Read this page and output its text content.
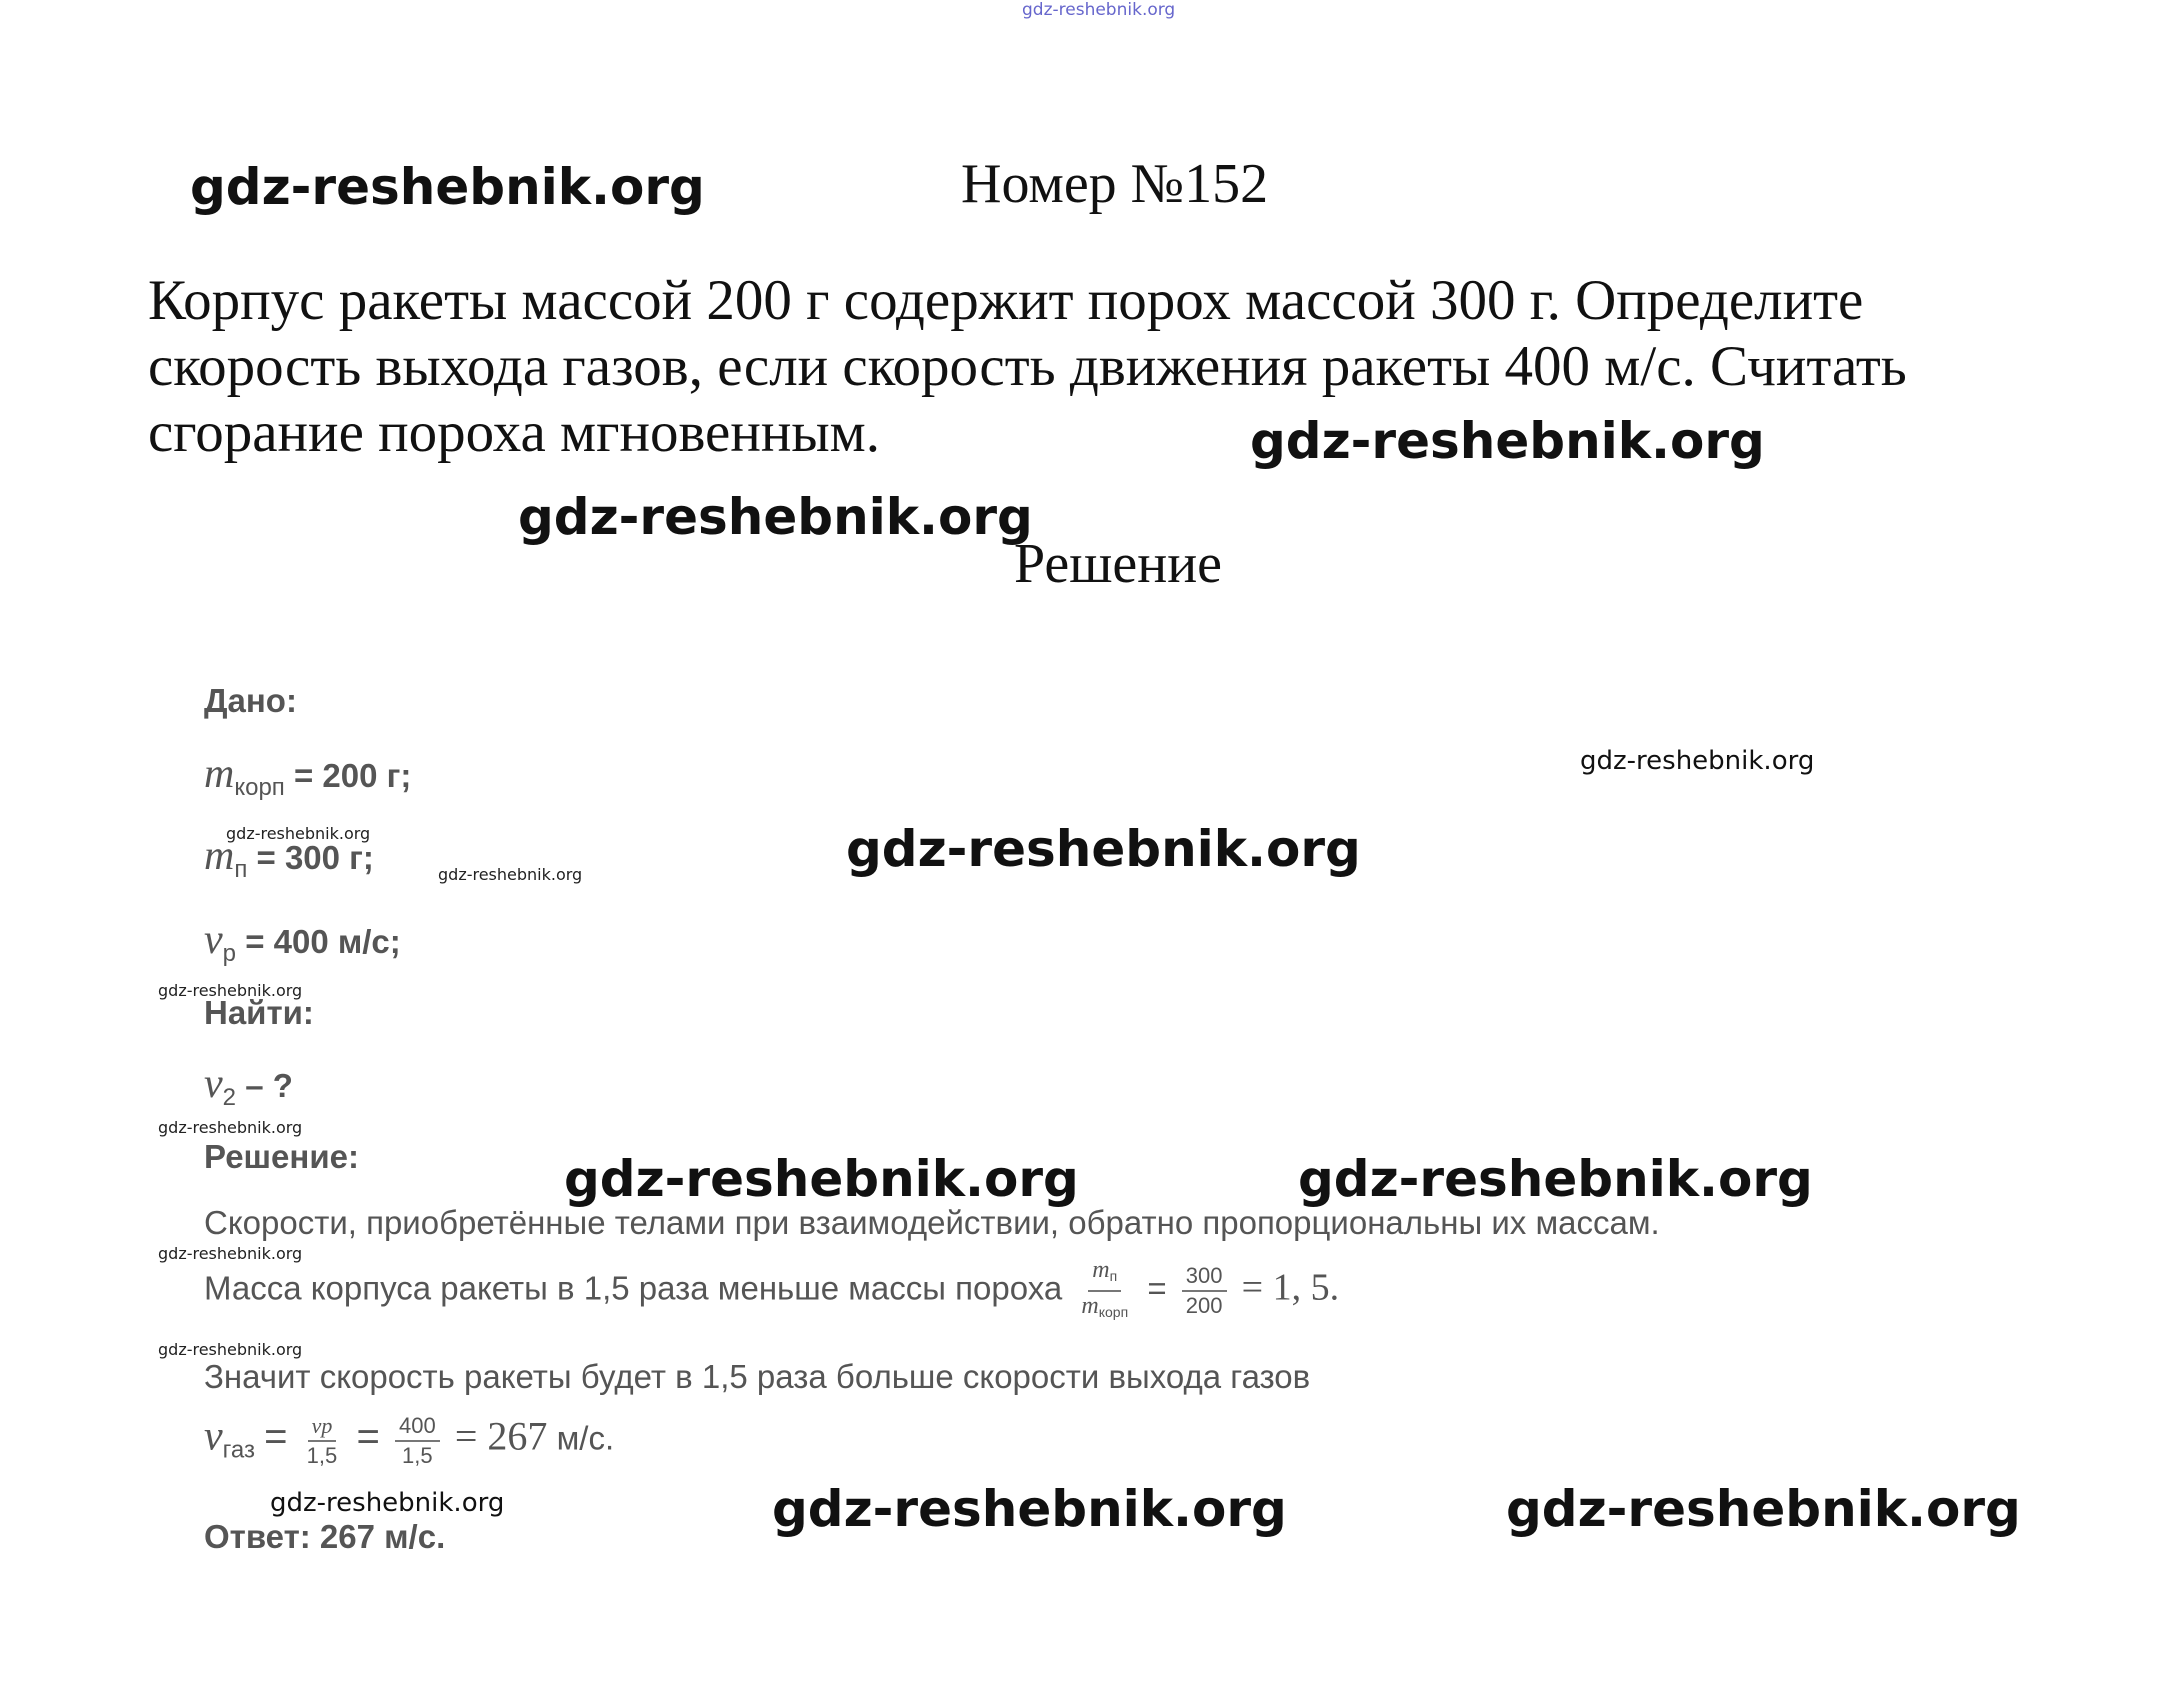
gdz-reshebnik.org
gdz-reshebnik.org	Номер №152
Корпус ракеты массой 200 г содержит порох массой 300 г. Определите скорость выхода газов, если скорость движения ракеты 400 м/с. Считать сгорание пороха мгновенным.	gdz-reshebnik.org
gdz-reshebnik.org
Решение
Дано:
$m_{корп} = 200$ г;
$m_п = 300$ г;
$v_р = 400$ м/с;
Найти:
$v_2$ – ?
Решение:
Скорости, приобретённые телами при взаимодействии, обратно пропорциональны их массам.
Масса корпуса ракеты в 1,5 раза меньше массы пороха $\frac{m_п}{m_{корп}} = \frac{300}{200} = 1$, 5.
Значит скорость ракеты будет в 1,5 раза больше скорости выхода газов
$v_{газ} = \frac{vр}{1,5} = \frac{400}{1,5} = 267$ м/с.
Ответ: 267 м/с.
gdz-reshebnik.org
gdz-reshebnik.org
gdz-reshebnik.org
gdz-reshebnik.org
gdz-reshebnik.org
gdz-reshebnik.org
gdz-reshebnik.org	gdz-reshebnik.org
gdz-reshebnik.org
gdz-reshebnik.org
gdz-reshebnik.org	gdz-reshebnik.org	gdz-reshebnik.org
